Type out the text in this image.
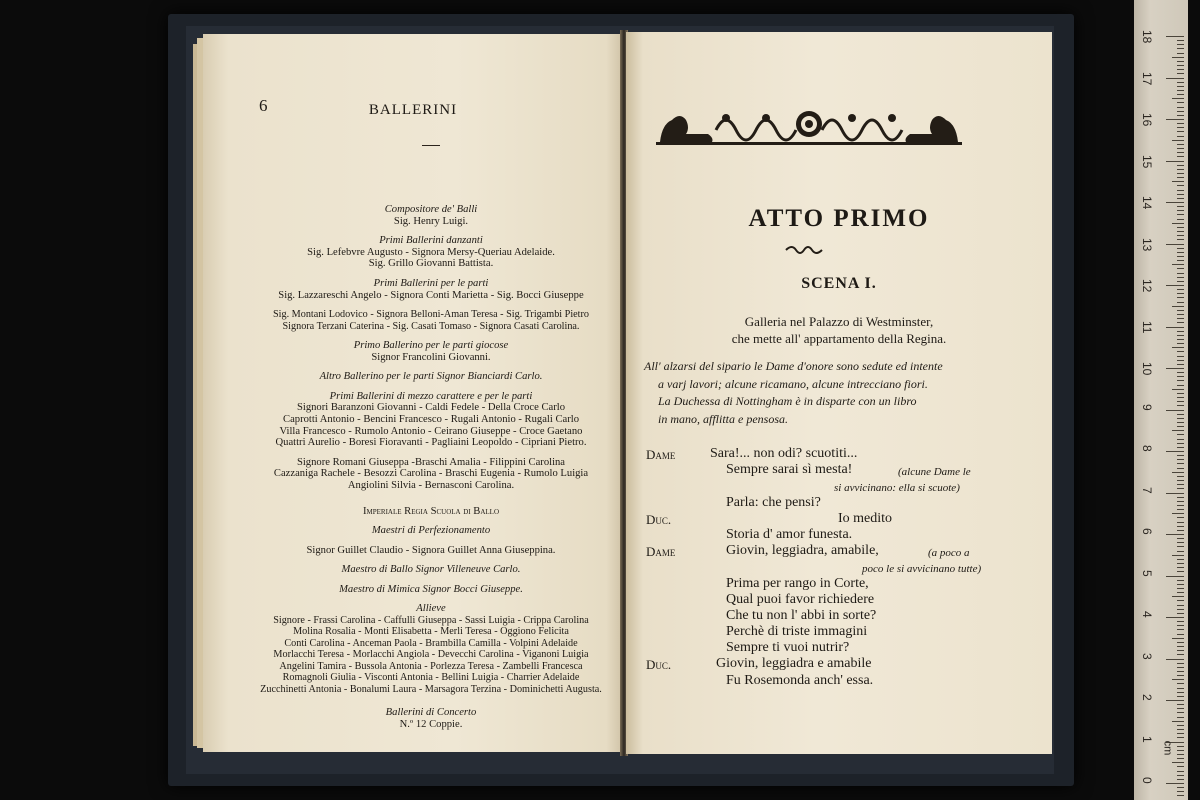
6	BALLERINI
Compositore de' Balli
Sig. Henry Luigi.
Primi Ballerini danzanti
Sig. Lefebvre Augusto - Signora Mersy-Queriau Adelaide.
Sig. Grillo Giovanni Battista.
Primi Ballerini per le parti
Sig. Lazzareschi Angelo - Signora Conti Marietta - Sig. Bocci Giuseppe
Sig. Montani Lodovico - Signora Belloni-Aman Teresa - Sig. Trigambi Pietro
Signora Terzani Caterina - Sig. Casati Tomaso - Signora Casati Carolina.
Primo Ballerino per le parti giocose
Signor Francolini Giovanni.
Altro Ballerino per le parti Signor Bianciardi Carlo.
Primi Ballerini di mezzo carattere e per le parti
Signori Baranzoni Giovanni - Caldi Fedele - Della Croce Carlo
Caprotti Antonio - Bencini Francesco - Rugali Antonio - Rugali Carlo
Villa Francesco - Rumolo Antonio - Ceirano Giuseppe - Croce Gaetano
Quattri Aurelio - Boresi Fioravanti - Pagliaini Leopoldo - Cipriani Pietro.
Signore Romani Giuseppa -Braschi Amalia - Filippini Carolina
Cazzaniga Rachele - Besozzi Carolina - Braschi Eugenia - Rumolo Luigia
Angiolini Silvia - Bernasconi Carolina.
Imperiale Regia Scuola di Ballo
Maestri di Perfezionamento
Signor Guillet Claudio - Signora Guillet Anna Giuseppina.
Maestro di Ballo Signor Villeneuve Carlo.
Maestro di Mimica Signor Bocci Giuseppe.
Allieve
Signore - Frassi Carolina - Caffulli Giuseppa - Sassi Luigia - Crippa Carolina
Molina Rosalia - Monti Elisabetta - Merli Teresa - Oggiono Felicita
Conti Carolina - Anceman Paola - Brambilla Camilla - Volpini Adelaide
Morlacchi Teresa - Morlacchi Angiola - Devecchi Carolina - Viganoni Luigia
Angelini Tamira - Bussola Antonia - Porlezza Teresa - Zambelli Francesca
Romagnoli Giulia - Visconti Antonia - Bellini Luigia - Charrier Adelaide
Zucchinetti Antonia - Bonalumi Laura - Marsagora Terzina - Dominichetti Augusta.
Ballerini di Concerto
N.º 12 Coppie.
ATTO PRIMO
SCENA I.
Galleria nel Palazzo di Westminster,
che mette all' appartamento della Regina.
All' alzarsi del sipario le Dame d'onore sono sedute ed intente
a varj lavori; alcune ricamano, alcune intrecciano fiori.
La Duchessa di Nottingham è in disparte con un libro
in mano, afflitta e pensosa.
Dame Sara!... non odi? scuotiti...
Sempre sarai sì mesta!	(alcune Dame le
si avvicinano: ella si scuote)
Parla: che pensi?
Duc.	Io medito
Storia d' amor funesta.
Dame	Giovin, leggiadra, amabile,	(a poco a
poco le si avvicinano tutte)
Prima per rango in Corte,
Qual puoi favor richiedere
Che tu non l' abbi in sorte?
Perchè di triste immagini
Sempre ti vuoi nutrir?
Duc.	Giovin, leggiadra e amabile
Fu Rosemonda anch' essa.
18
17
16
15
14
13
12
11
10
9
8
7
6
5
4
3
2
1
0
cm
